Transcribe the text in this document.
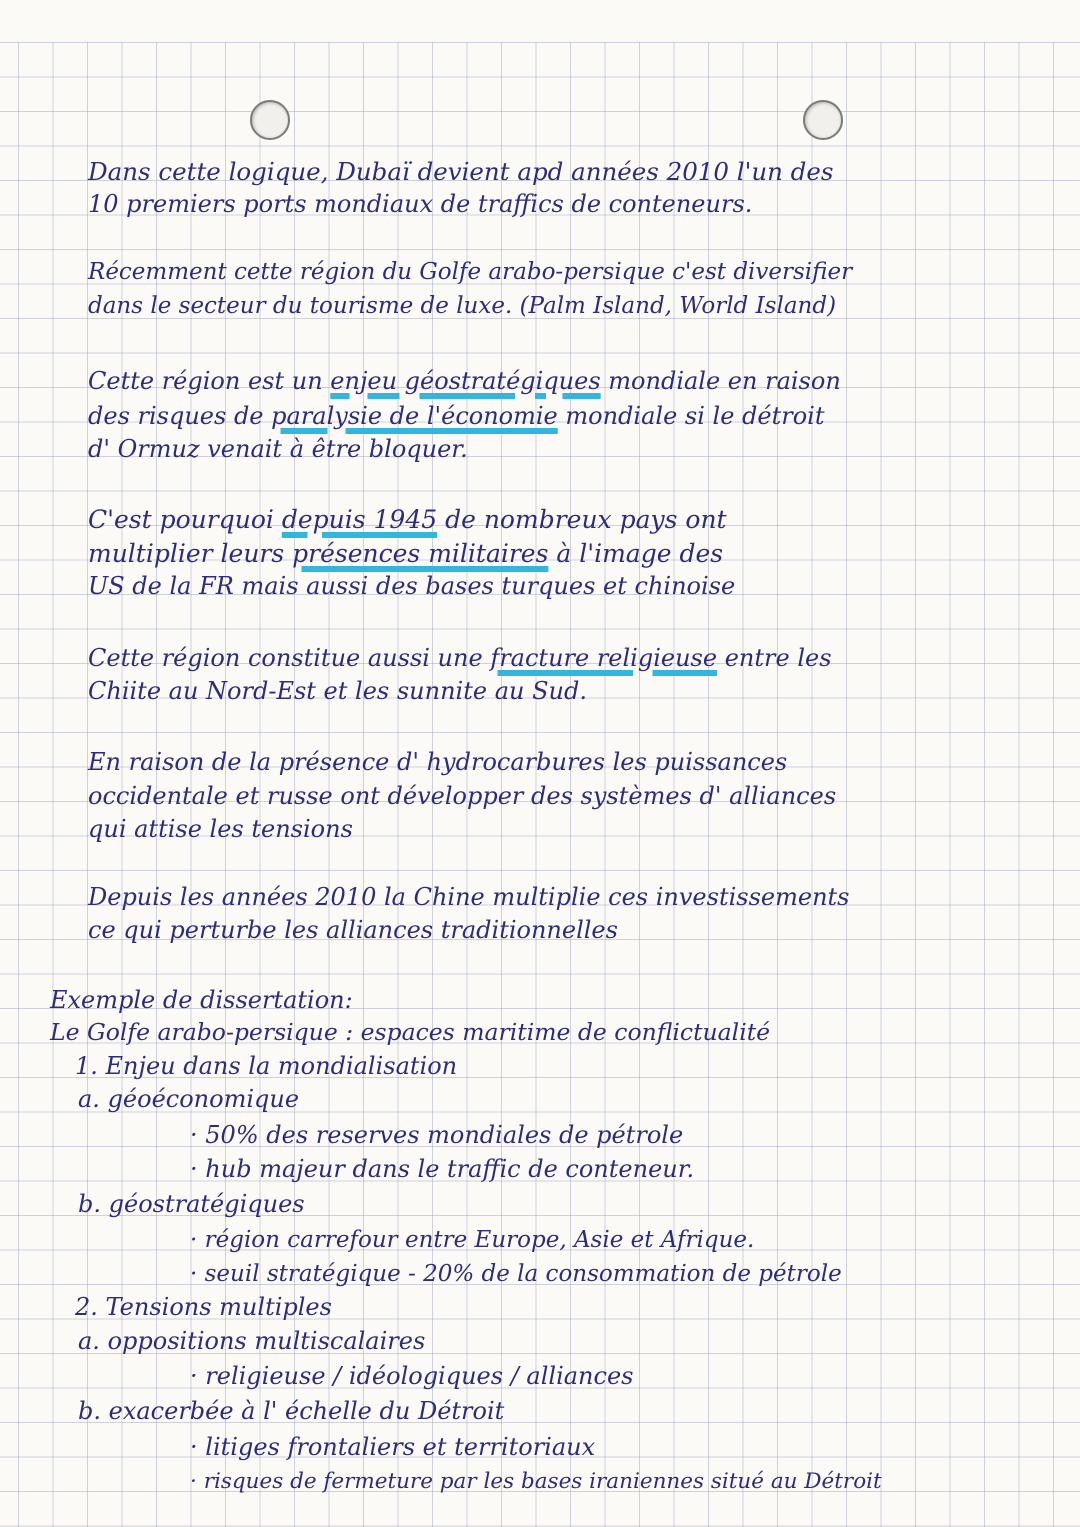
Dans cette logique, Dubaï devient apd années 2010 l'un des

10 premiers ports mondiaux de traffics de conteneurs.

Récemment cette région du Golfe arabo-persique c'est diversifier

dans le secteur du tourisme de luxe. (Palm Island, World Island)

Cette région est un enjeu géostratégiques mondiale en raison

des risques de paralysie de l'économie mondiale si le détroit

d' Ormuz venait à être bloquer.

C'est pourquoi depuis 1945 de nombreux pays ont

multiplier leurs présences militaires à l'image des

US de la FR mais aussi des bases turques et chinoise

Cette région constitue aussi une fracture religieuse entre les

Chiite au Nord-Est et les sunnite au Sud.

En raison de la présence d' hydrocarbures les puissances

occidentale et russe ont développer des systèmes d' alliances

qui attise les tensions

Depuis les années 2010 la Chine multiplie ces investissements

ce qui perturbe les alliances traditionnelles

Exemple de dissertation:

Le Golfe arabo-persique : espaces maritime de conflictualité

1. Enjeu dans la mondialisation

a. géoéconomique

· 50% des reserves mondiales de pétrole

· hub majeur dans le traffic de conteneur.

b. géostratégiques

· région carrefour entre Europe, Asie et Afrique.

· seuil stratégique - 20% de la consommation de pétrole

2. Tensions multiples

a. oppositions multiscalaires

· religieuse / idéologiques / alliances

b. exacerbée à l' échelle du Détroit

· litiges frontaliers et territoriaux

· risques de fermeture par les bases iraniennes situé au Détroit
